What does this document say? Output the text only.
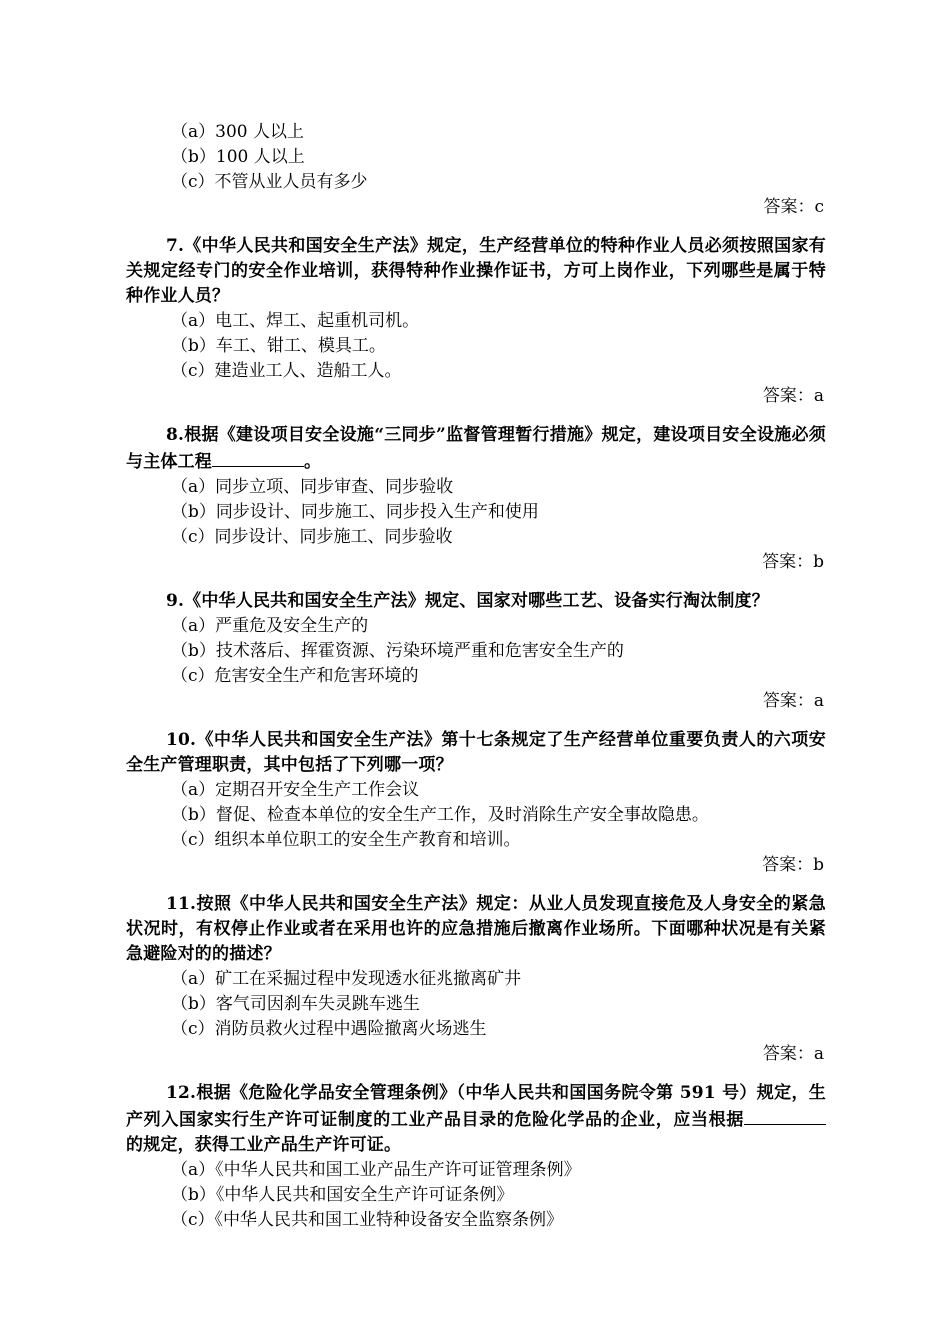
（a）300 人以上
（b）100 人以上
（c）不管从业人员有多少
答案：c
7.《中华人民共和国安全生产法》规定，生产经营单位的特种作业人员必须按照国家有关规定经专门的安全作业培训，获得特种作业操作证书，方可上岗作业，下列哪些是属于特种作业人员？
（a）电工、焊工、起重机司机。
（b）车工、钳工、模具工。
（c）建造业工人、造船工人。
答案：a
8.根据《建设项目安全设施“三同步”监督管理暂行措施》规定，建设项目安全设施必须与主体工程	。
（a）同步立项、同步审查、同步验收
（b）同步设计、同步施工、同步投入生产和使用
（c）同步设计、同步施工、同步验收
答案：b
9.《中华人民共和国安全生产法》规定、国家对哪些工艺、设备实行淘汰制度？
（a）严重危及安全生产的
（b）技术落后、挥霍资源、污染环境严重和危害安全生产的
（c）危害安全生产和危害环境的
答案：a
10.《中华人民共和国安全生产法》第十七条规定了生产经营单位重要负责人的六项安全生产管理职责，其中包括了下列哪一项？
（a）定期召开安全生产工作会议
（b）督促、检查本单位的安全生产工作，及时消除生产安全事故隐患。
（c）组织本单位职工的安全生产教育和培训。
答案：b
11.按照《中华人民共和国安全生产法》规定：从业人员发现直接危及人身安全的紧急状况时，有权停止作业或者在采用也许的应急措施后撤离作业场所。下面哪种状况是有关紧急避险对的的描述？
（a）矿工在采掘过程中发现透水征兆撤离矿井
（b）客气司因刹车失灵跳车逃生
（c）消防员救火过程中遇险撤离火场逃生
答案：a
12.根据《危险化学品安全管理条例》（中华人民共和国国务院令第 591 号）规定，生产列入国家实行生产许可证制度的工业产品目录的危险化学品的企业，应当根据的规定，获得工业产品生产许可证。
（a）《中华人民共和国工业产品生产许可证管理条例》
（b）《中华人民共和国安全生产许可证条例》
（c）《中华人民共和国工业特种设备安全监察条例》
